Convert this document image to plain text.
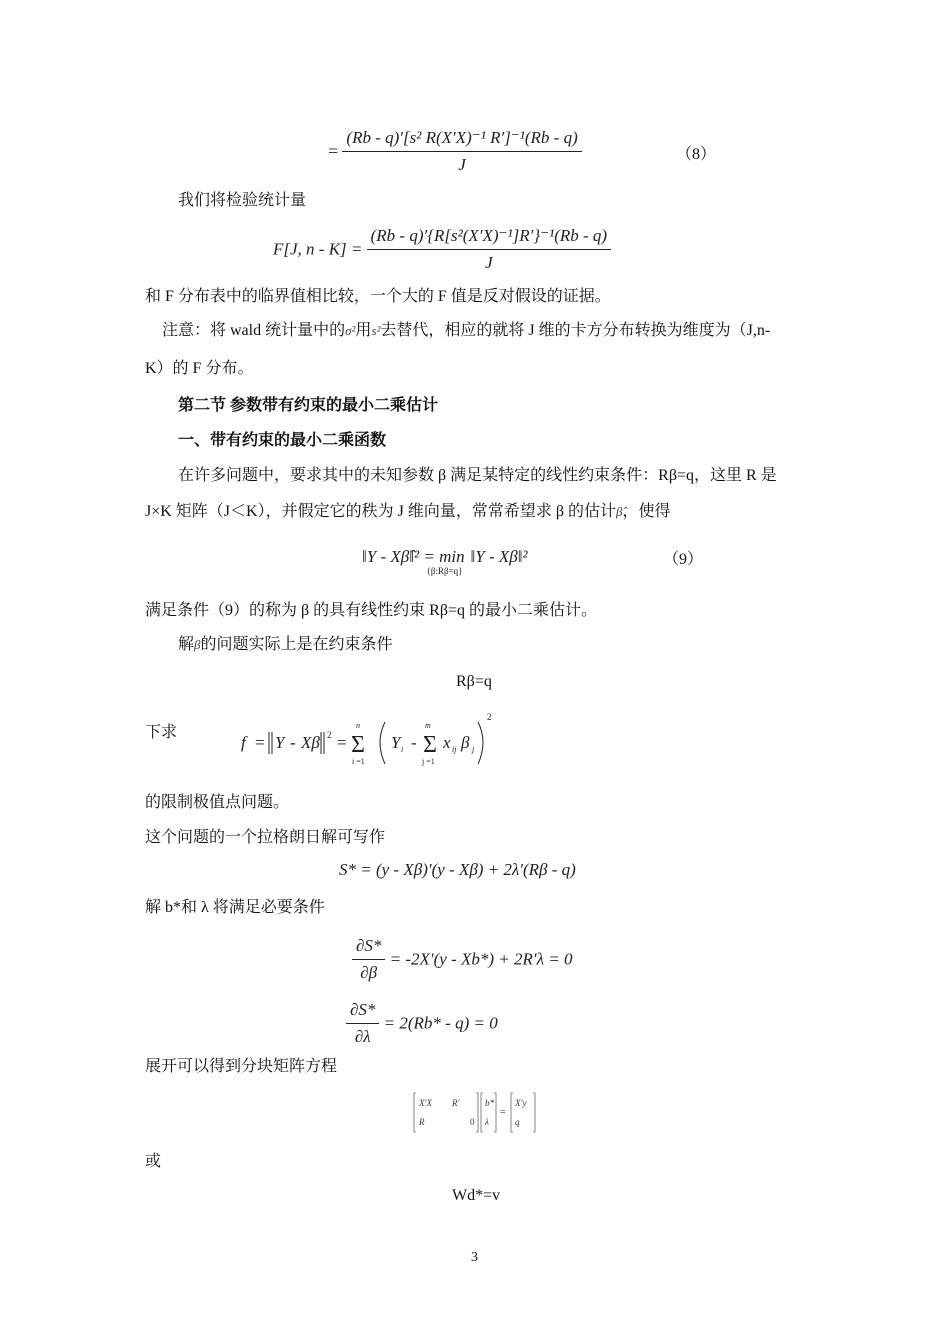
= $\frac{\text{(Rb - q)′[s² R(X′X)⁻¹ R′]⁻¹(Rb - q)}}{J}$	（8）
我们将检验统计量
F[J, $n - K] = \frac{\text{(Rb - q)′\{R[s²(X′X)⁻¹]R′\}⁻¹(Rb - q)}}{J}$
和 F 分布表中的临界值相比较，一个大的 F 值是反对假设的证据。
注意：将 wald 统计量中的σ²用s²去替代，相应的就将 J 维的卡方分布转换为维度为（J,n-
K）的 F 分布。
第二节 参数带有约束的最小二乘估计
一、带有约束的最小二乘函数
在许多问题中，要求其中的未知参数 β 满足某特定的线性约束条件：Rβ=q，这里 R 是
J×K 矩阵（J＜K），并假定它的秩为 J 维向量，常常希望求 β 的估计β̂，使得
‖Y - Xβ̂‖² = $\min_{\{\beta:R\beta=q\}}‖Y$ - Xβ‖²	（9）
满足条件（9）的称为 β 的具有线性约束 Rβ=q 的最小二乘估计。
解β̂的问题实际上是在约束条件
Rβ=q
下求
f = Y - Xβ 2 = Σ
n
i =1
Y i - Σ
m
j =1
x ij β j
2
的限制极值点问题。
这个问题的一个拉格朗日解可写作
S* = (y - Xβ)′(y - Xβ) + 2λ′(Rβ - q)
解 b*和 λ 将满足必要条件
$\frac{\partial S*}{\partial\beta} = -2X'(y - Xb*) + 2R'\lambda = 0$
$\frac{\partial S*}{\partial\lambda} = 2(Rb* - q) = 0$
展开可以得到分块矩阵方程
X′X R′
R	0
b*
λ
=
X′y
q
或
Wd*=v
3
